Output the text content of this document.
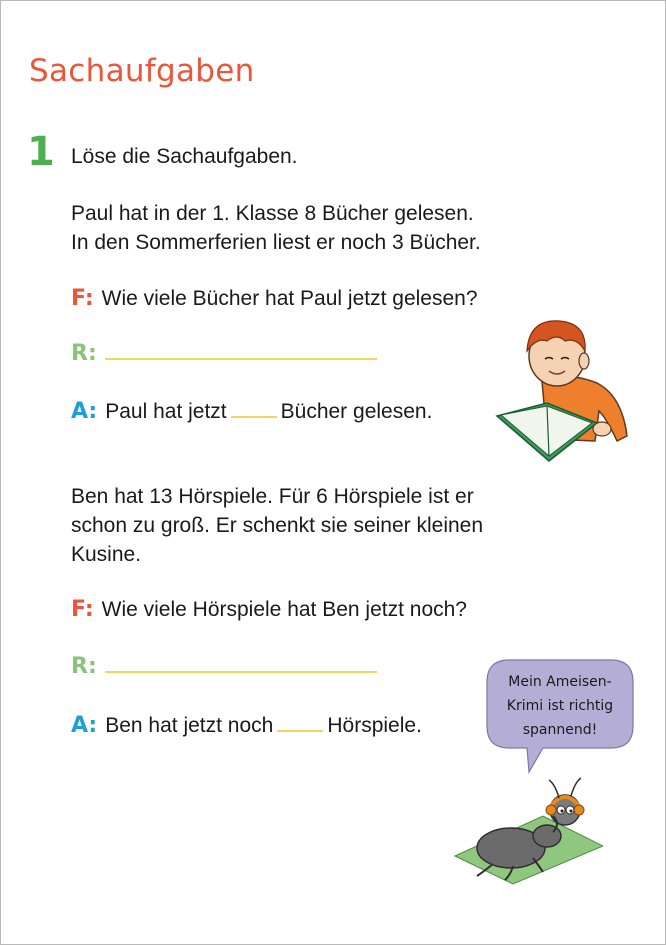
Sachaufgaben
1 Löse die Sachaufgaben.
Paul hat in der 1. Klasse 8 Bücher gelesen.
In den Sommerferien liest er noch 3 Bücher.
F: Wie viele Bücher hat Paul jetzt gelesen?
R:
A: Paul hat jetzt	Bücher gelesen.
Ben hat 13 Hörspiele. Für 6 Hörspiele ist er
schon zu groß. Er schenkt sie seiner kleinen
Kusine.
F: Wie viele Hörspiele hat Ben jetzt noch?
R:
A: Ben hat jetzt noch	Hörspiele.
Mein Ameisen-
Krimi ist richtig
spannend!
